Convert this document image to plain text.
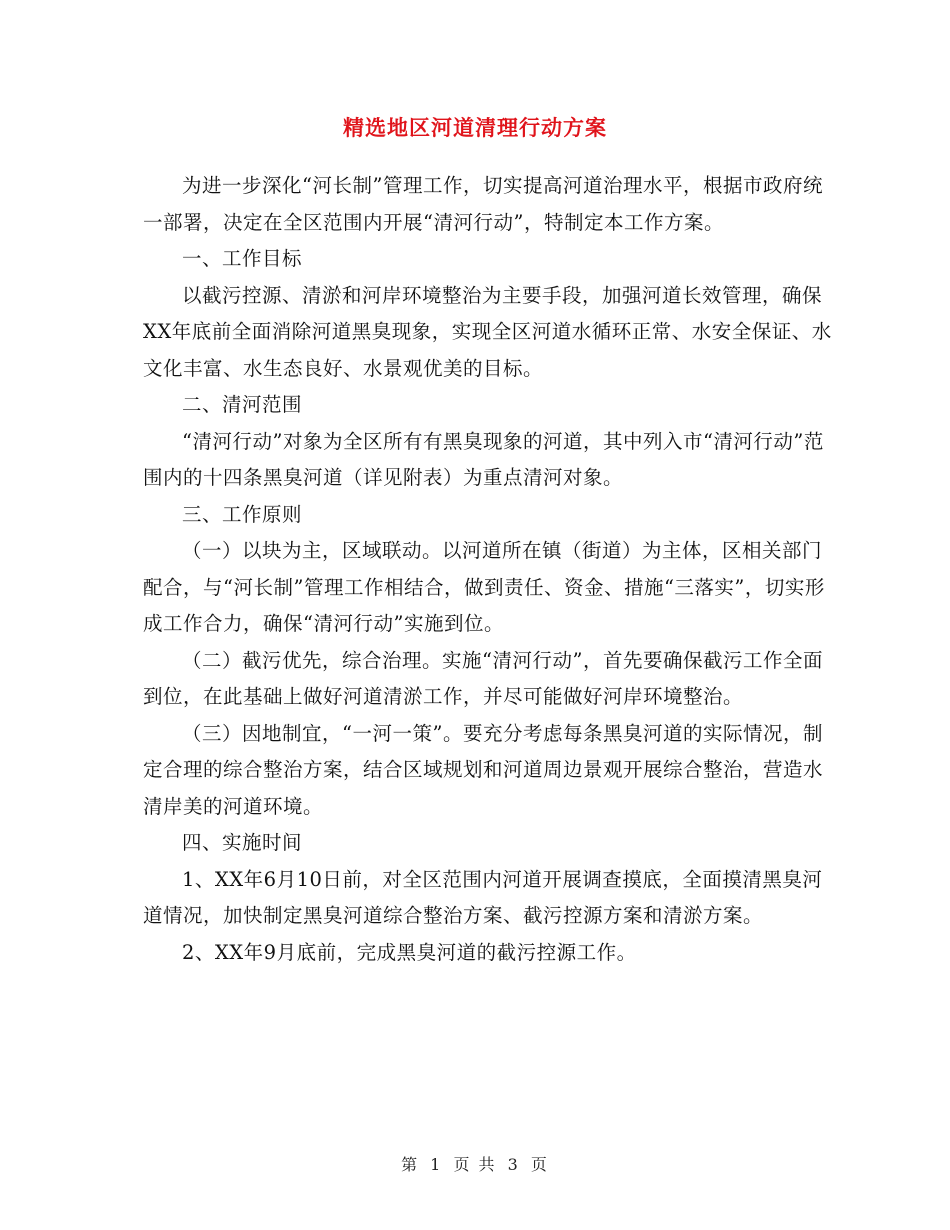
精选地区河道清理行动方案

为进一步深化“河长制”管理工作，切实提高河道治理水平，根据市政府统一部署，决定在全区范围内开展“清河行动”，特制定本工作方案。

一、工作目标

以截污控源、清淤和河岸环境整治为主要手段，加强河道长效管理，确保XX年底前全面消除河道黑臭现象，实现全区河道水循环正常、水安全保证、水文化丰富、水生态良好、水景观优美的目标。

二、清河范围

“清河行动”对象为全区所有有黑臭现象的河道，其中列入市“清河行动”范围内的十四条黑臭河道（详见附表）为重点清河对象。

三、工作原则

（一）以块为主，区域联动。以河道所在镇（街道）为主体，区相关部门配合，与“河长制”管理工作相结合，做到责任、资金、措施“三落实”，切实形成工作合力，确保“清河行动”实施到位。

（二）截污优先，综合治理。实施“清河行动”，首先要确保截污工作全面到位，在此基础上做好河道清淤工作，并尽可能做好河岸环境整治。

（三）因地制宜，“一河一策”。要充分考虑每条黑臭河道的实际情况，制定合理的综合整治方案，结合区域规划和河道周边景观开展综合整治，营造水清岸美的河道环境。

四、实施时间

1、XX年6月10日前，对全区范围内河道开展调查摸底，全面摸清黑臭河道情况，加快制定黑臭河道综合整治方案、截污控源方案和清淤方案。

2、XX年9月底前，完成黑臭河道的截污控源工作。

第 1 页 共 3 页
